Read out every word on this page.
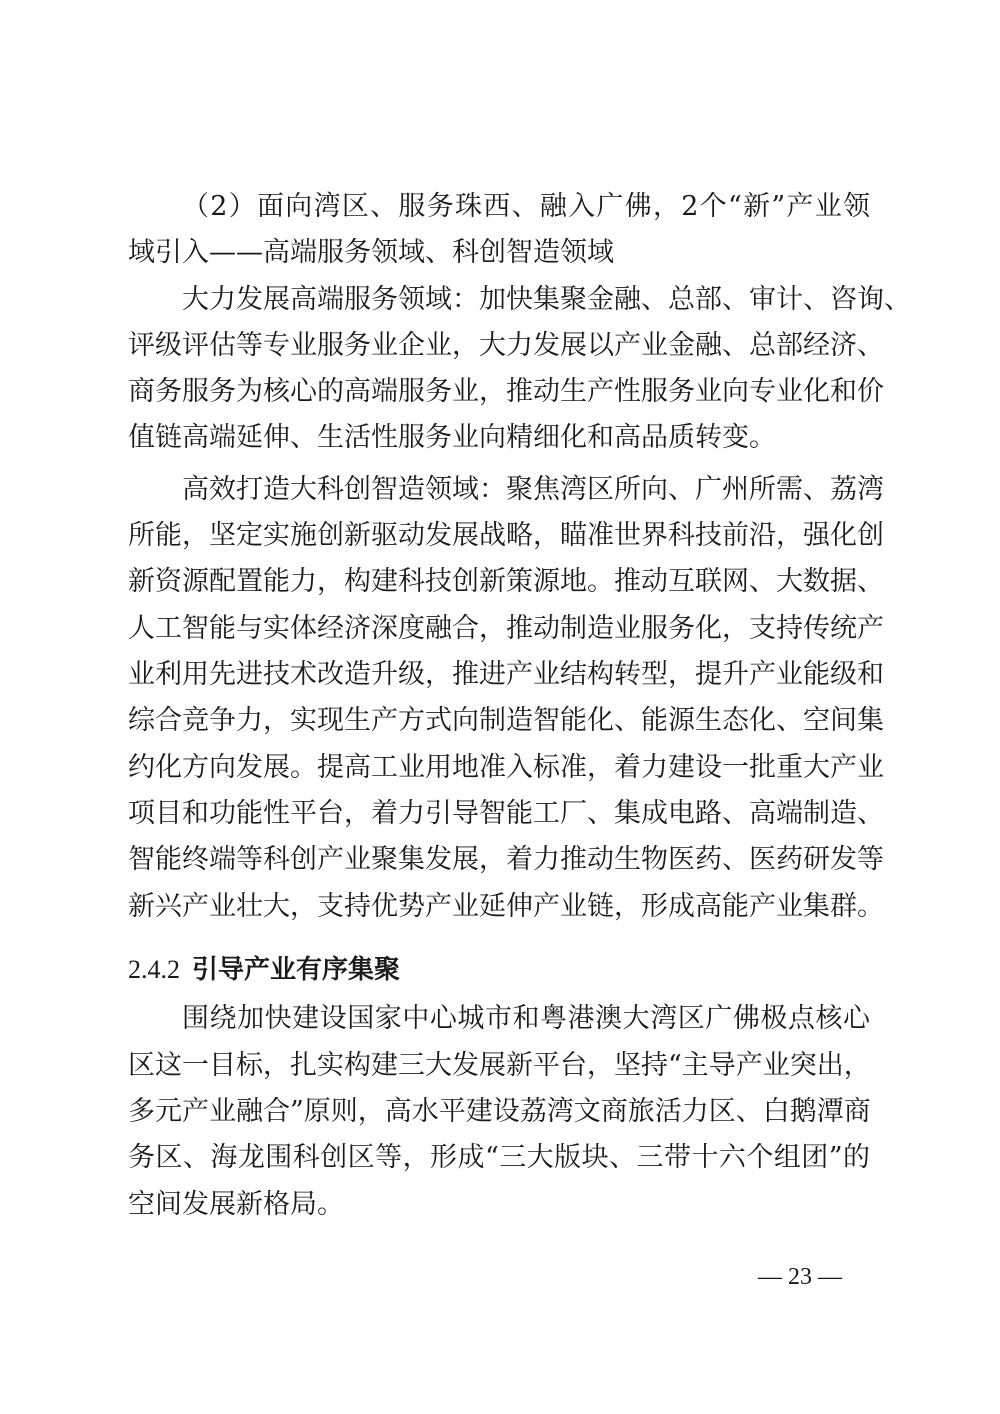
（2）面向湾区、服务珠西、融入广佛，2个“新”产业领
域引入——高端服务领域、科创智造领域
大力发展高端服务领域：加快集聚金融、总部、审计、咨询、
评级评估等专业服务业企业，大力发展以产业金融、总部经济、
商务服务为核心的高端服务业，推动生产性服务业向专业化和价
值链高端延伸、生活性服务业向精细化和高品质转变。
高效打造大科创智造领域：聚焦湾区所向、广州所需、荔湾
所能，坚定实施创新驱动发展战略，瞄准世界科技前沿，强化创
新资源配置能力，构建科技创新策源地。推动互联网、大数据、
人工智能与实体经济深度融合，推动制造业服务化，支持传统产
业利用先进技术改造升级，推进产业结构转型，提升产业能级和
综合竞争力，实现生产方式向制造智能化、能源生态化、空间集
约化方向发展。提高工业用地准入标准，着力建设一批重大产业
项目和功能性平台，着力引导智能工厂、集成电路、高端制造、
智能终端等科创产业聚集发展，着力推动生物医药、医药研发等
新兴产业壮大，支持优势产业延伸产业链，形成高能产业集群。
2.4.2 引导产业有序集聚
围绕加快建设国家中心城市和粤港澳大湾区广佛极点核心
区这一目标，扎实构建三大发展新平台，坚持“主导产业突出，
多元产业融合”原则，高水平建设荔湾文商旅活力区、白鹅潭商
务区、海龙围科创区等，形成“三大版块、三带十六个组团”的
空间发展新格局。
— 23 —
